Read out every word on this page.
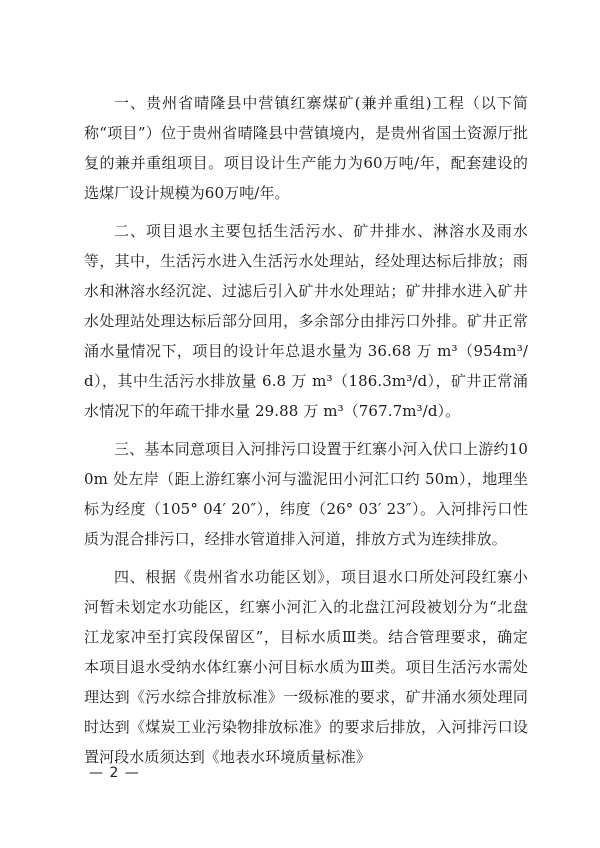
一、贵州省晴隆县中营镇红寨煤矿(兼并重组)工程（以下简称“项目”）位于贵州省晴隆县中营镇境内，是贵州省国土资源厅批复的兼并重组项目。项目设计生产能力为60万吨/年，配套建设的选煤厂设计规模为60万吨/年。

二、项目退水主要包括生活污水、矿井排水、淋溶水及雨水等，其中，生活污水进入生活污水处理站，经处理达标后排放；雨水和淋溶水经沉淀、过滤后引入矿井水处理站；矿井排水进入矿井水处理站处理达标后部分回用，多余部分由排污口外排。矿井正常涌水量情况下，项目的设计年总退水量为 36.68 万 m³（954m³/d），其中生活污水排放量 6.8 万 m³（186.3m³/d），矿井正常涌水情况下的年疏干排水量 29.88 万 m³（767.7m³/d）。

三、基本同意项目入河排污口设置于红寨小河入伏口上游约100m 处左岸（距上游红寨小河与滥泥田小河汇口约 50m），地理坐标为经度（105° 04′ 20″），纬度（26° 03′ 23″）。入河排污口性质为混合排污口，经排水管道排入河道，排放方式为连续排放。

四、根据《贵州省水功能区划》，项目退水口所处河段红寨小河暂未划定水功能区，红寨小河汇入的北盘江河段被划分为“北盘江龙家冲至打宾段保留区”，目标水质Ⅲ类。结合管理要求，确定本项目退水受纳水体红寨小河目标水质为Ⅲ类。项目生活污水需处理达到《污水综合排放标准》一级标准的要求，矿井涌水须处理同时达到《煤炭工业污染物排放标准》的要求后排放，入河排污口设置河段水质须达到《地表水环境质量标准》

— 2 —
